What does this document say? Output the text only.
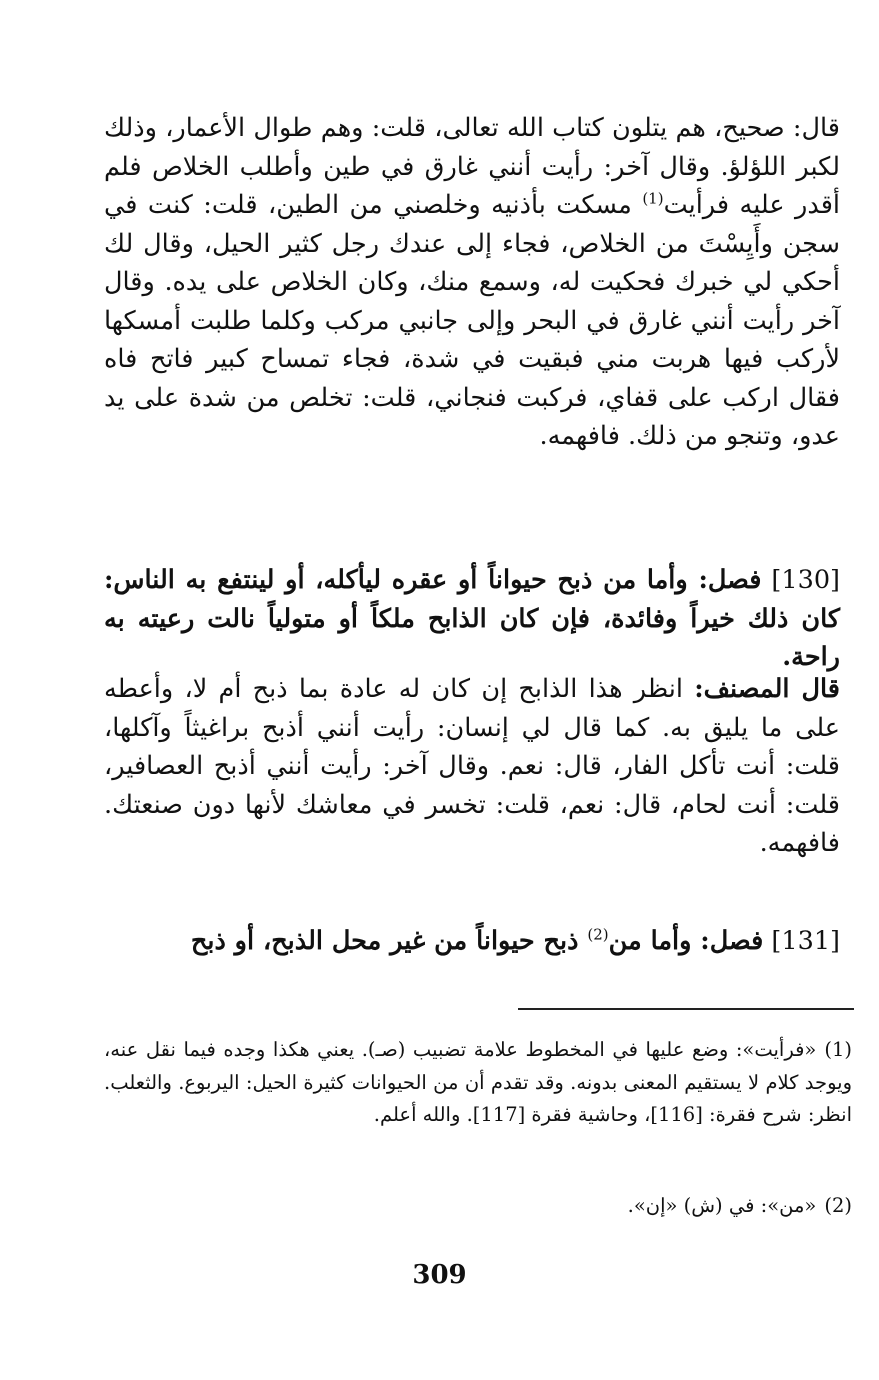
قال: صحيح، هم يتلون كتاب الله تعالى، قلت: وهم طوال الأعمار، وذلك لكبر اللؤلؤ. وقال آخر: رأيت أنني غارق في طين وأطلب الخلاص فلم أقدر عليه فرأيت$^{(1)}$ مسكت بأذنيه وخلصني من الطين، قلت: كنت في سجن وأَيِسْتَ من الخلاص، فجاء إلى عندك رجل كثير الحيل، وقال لك أحكي لي خبرك فحكيت له، وسمع منك، وكان الخلاص على يده. وقال آخر رأيت أنني غارق في البحر وإلى جانبي مركب وكلما طلبت أمسكها لأركب فيها هربت مني فبقيت في شدة، فجاء تمساح كبير فاتح فاه فقال اركب على قفاي، فركبت فنجاني، قلت: تخلص من شدة على يد عدو، وتنجو من ذلك. فافهمه.

[130] فصل: وأما من ذبح حيواناً أو عقره ليأكله، أو لينتفع به الناس: كان ذلك خيراً وفائدة، فإن كان الذابح ملكاً أو متولياً نالت رعيته به راحة.

قال المصنف: انظر هذا الذابح إن كان له عادة بما ذبح أم لا، وأعطه على ما يليق به. كما قال لي إنسان: رأيت أنني أذبح براغيثاً وآكلها، قلت: أنت تأكل الفار، قال: نعم. وقال آخر: رأيت أنني أذبح العصافير، قلت: أنت لحام، قال: نعم، قلت: تخسر في معاشك لأنها دون صنعتك. فافهمه.

[131] فصل: وأما من$^{(2)}$ ذبح حيواناً من غير محل الذبح، أو ذبح

(1)«فرأيت»: وضع عليها في المخطوط علامة تضبيب (صـ). يعني هكذا وجده فيما نقل عنه، ويوجد كلام لا يستقيم المعنى بدونه. وقد تقدم أن من الحيوانات كثيرة الحيل: اليربوع. والثعلب. انظر: شرح فقرة: [116]، وحاشية فقرة [117]. والله أعلم.

(2)«من»: في (ش) «إن».

309
